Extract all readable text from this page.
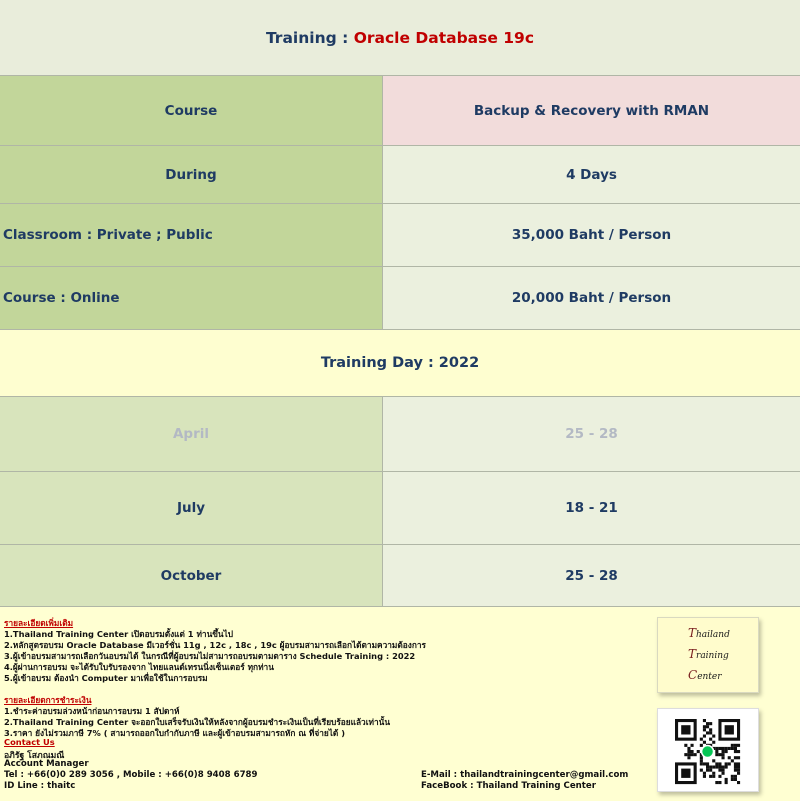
Training :
Oracle Database 19c
Course	Backup & Recovery with RMAN
During	4 Days
Classroom : Private ; Public	35,000 Baht / Person
Course : Online	20,000 Baht / Person
Training Day : 2022
April	25 - 28
July	18 - 21
October	25 - 28
รายละเอียดเพิ่มเติม
1.Thailand Training Center เปิดอบรมตั้งแต่ 1 ท่านขึ้นไป
2.หลักสูตรอบรม Oracle Database มีเวอร์ชั่น 11g , 12c , 18c , 19c ผู้อบรมสามารถเลือกได้ตามความต้องการ
3.ผู้เข้าอบรมสามารถเลือกวันอบรมได้ ในกรณีที่ผู้อบรมไม่สามารถอบรมตามตาราง Schedule Training : 2022
4.ผู้ผ่านการอบรม จะได้รับใบรับรองจาก ไทยแลนด์เทรนนิ่งเซ็นเตอร์ ทุกท่าน
5.ผู้เข้าอบรม ต้องนำ Computer มาเพื่อใช้ในการอบรม
รายละเอียดการชำระเงิน
1.ชำระค่าอบรมล่วงหน้าก่อนการอบรม 1 สัปดาห์
2.Thailand Training Center จะออกใบเสร็จรับเงินให้หลังจากผู้อบรมชำระเงินเป็นที่เรียบร้อยแล้วเท่านั้น
3.ราคา ยังไม่รวมภาษี 7% ( สามารถออกใบกำกับภาษี และผู้เข้าอบรมสามารถหัก ณ ที่จ่ายได้ )
Contact Us
อภิรัฐ โสภณมณี
Account Manager
Tel : +66(0)0 289 3056 , Mobile : +66(0)8 9408 6789
ID Line : thaitc
E-Mail : thailandtrainingcenter@gmail.com
FaceBook : Thailand Training Center
Thailand
Training
Center
